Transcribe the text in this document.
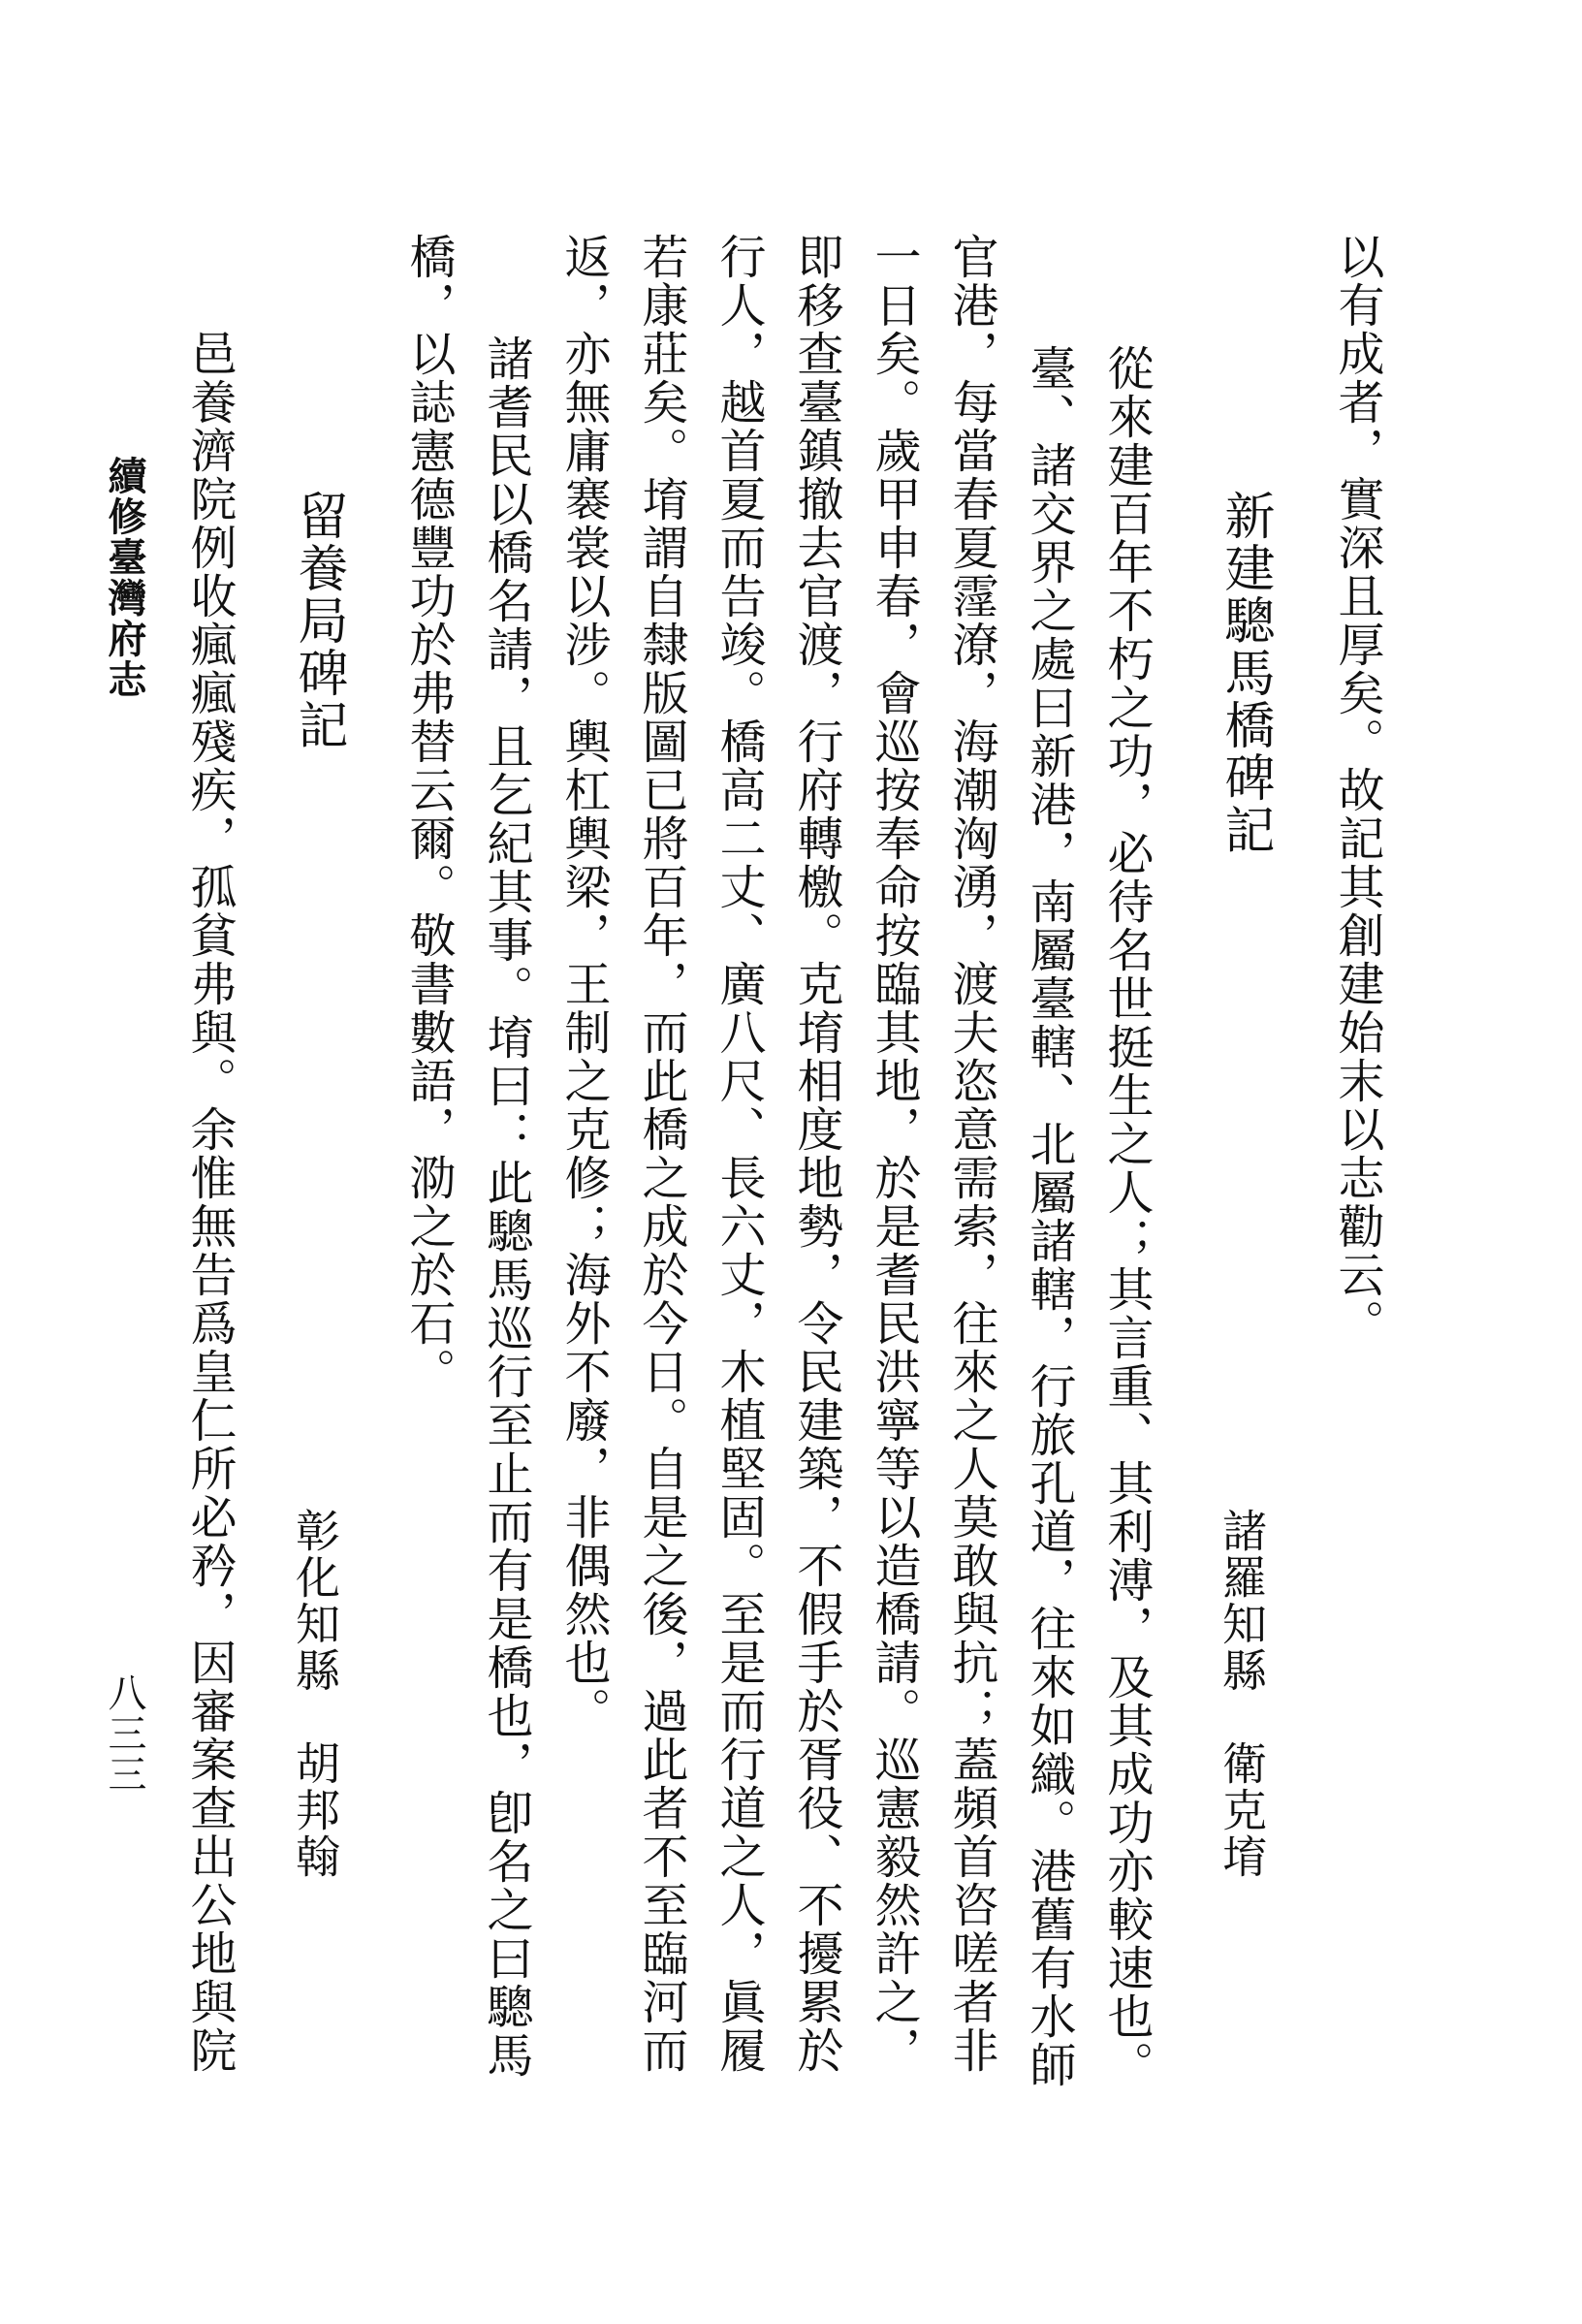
以有成者，實深且厚矣。故記其創建始末以志勸云。
新建驄馬橋碑記
諸羅知縣　衛克堉
從來建百年不朽之功，必待名世挺生之人；其言重、其利溥，及其成功亦較速也。
臺、諸交界之處曰新港，南屬臺轄、北屬諸轄，行旅孔道，往來如織。港舊有水師
官港，每當春夏霪潦，海潮洶湧，渡夫恣意需索，往來之人莫敢與抗；蓋頻首咨嗟者非
一日矣。歲甲申春，會巡按奉命按臨其地，於是耆民洪寧等以造橋請。巡憲毅然許之，
即移查臺鎮撤去官渡，行府轉檄。克堉相度地勢，令民建築，不假手於胥役、不擾累於
行人，越首夏而告竣。橋高二丈、廣八尺、長六丈，木植堅固。至是而行道之人，眞履
若康莊矣。堉謂自隸版圖已將百年，而此橋之成於今日。自是之後，過此者不至臨河而
返，亦無庸褰裳以涉。輿杠輿梁，王制之克修；海外不廢，非偶然也。
諸耆民以橋名請，且乞紀其事。堉曰：此驄馬巡行至止而有是橋也，卽名之曰驄馬
橋，以誌憲德豐功於弗替云爾。敬書數語，泐之於石。
留養局碑記
彰化知縣　胡邦翰
邑養濟院例收瘋瘋殘疾，孤貧弗與。余惟無告爲皇仁所必矜，因審案查出公地與院
續修臺灣府志
八三三
